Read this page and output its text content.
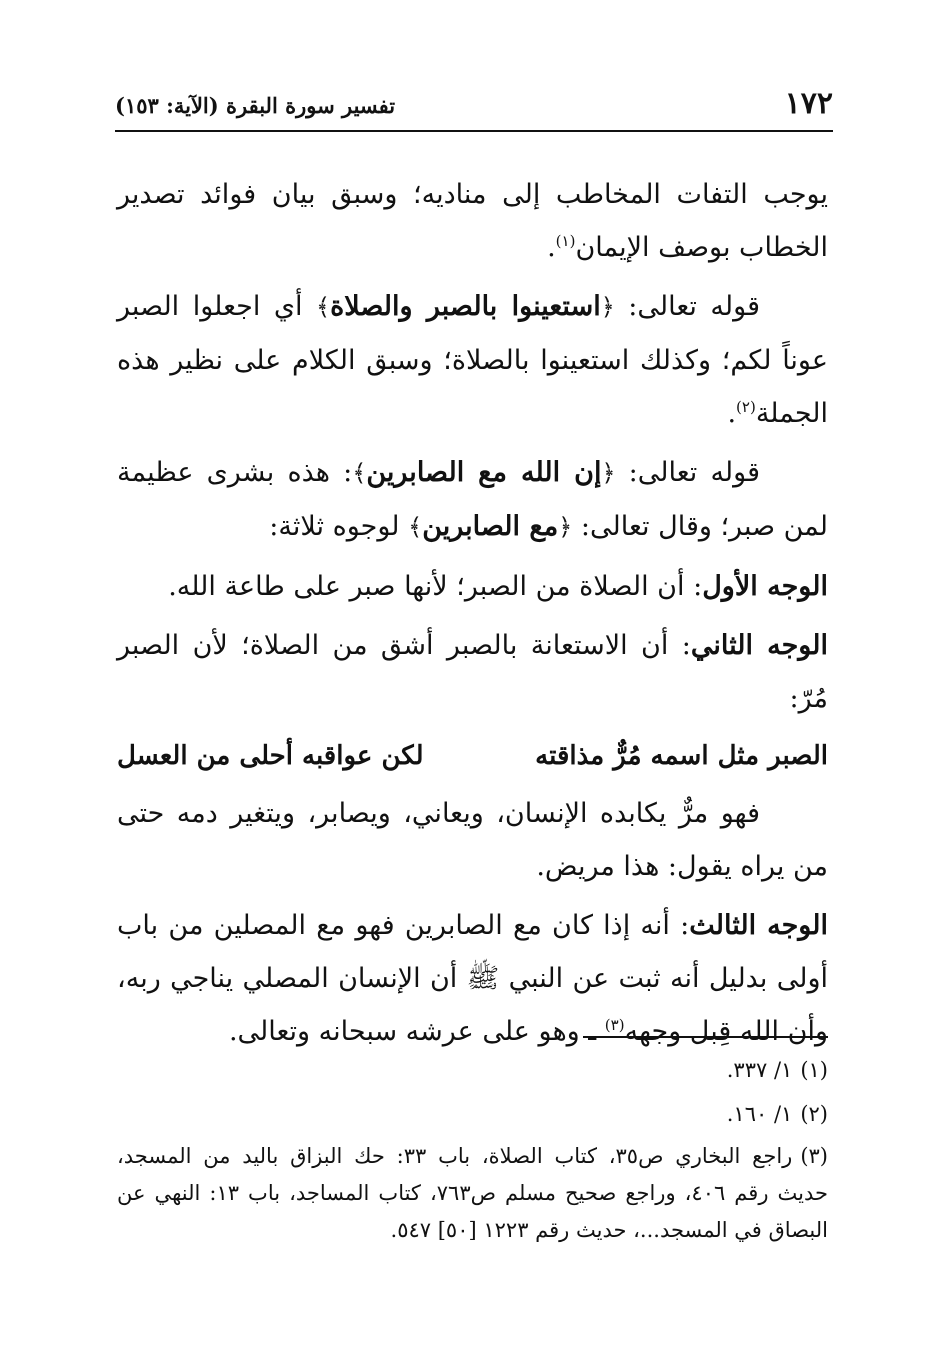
١٧٢
تفسير سورة البقرة (الآية: ١٥٣)

يوجب التفات المخاطب إلى مناديه؛ وسبق بيان فوائد تصدير الخطاب بوصف الإيمان$^{(١)}$.

قوله تعالى: ﴿استعينوا بالصبر والصلاة﴾ أي اجعلوا الصبر عوناً لكم؛ وكذلك استعينوا بالصلاة؛ وسبق الكلام على نظير هذه الجملة$^{(٢)}$.

قوله تعالى: ﴿إن الله مع الصابرين﴾: هذه بشرى عظيمة لمن صبر؛ وقال تعالى: ﴿مع الصابرين﴾ لوجوه ثلاثة:

الوجه الأول: أن الصلاة من الصبر؛ لأنها صبر على طاعة الله.

الوجه الثاني: أن الاستعانة بالصبر أشق من الصلاة؛ لأن الصبر مُرّ:

الصبر مثل اسمه مُرٌّ مذاقته
لكن عواقبه أحلى من العسل

فهو مرٌّ يكابده الإنسان، ويعاني، ويصابر، ويتغير دمه حتى من يراه يقول: هذا مريض.

الوجه الثالث: أنه إذا كان مع الصابرين فهو مع المصلين من باب أولى بدليل أنه ثبت عن النبي ﷺ أن الإنسان المصلي يناجي ربه، وأن الله قِبل وجهه$^{(٣)}$ ـ وهو على عرشه سبحانه وتعالى.

(١)١/ ٣٣٧.

(٢)١/ ١٦٠.

(٣)راجع البخاري ص٣٥، كتاب الصلاة، باب ٣٣: حك البزاق باليد من المسجد، حديث رقم ٤٠٦، وراجع صحيح مسلم ص٧٦٣، كتاب المساجد، باب ١٣: النهي عن البصاق في المسجد...، حديث رقم ١٢٢٣ [٥٠] ٥٤٧.
